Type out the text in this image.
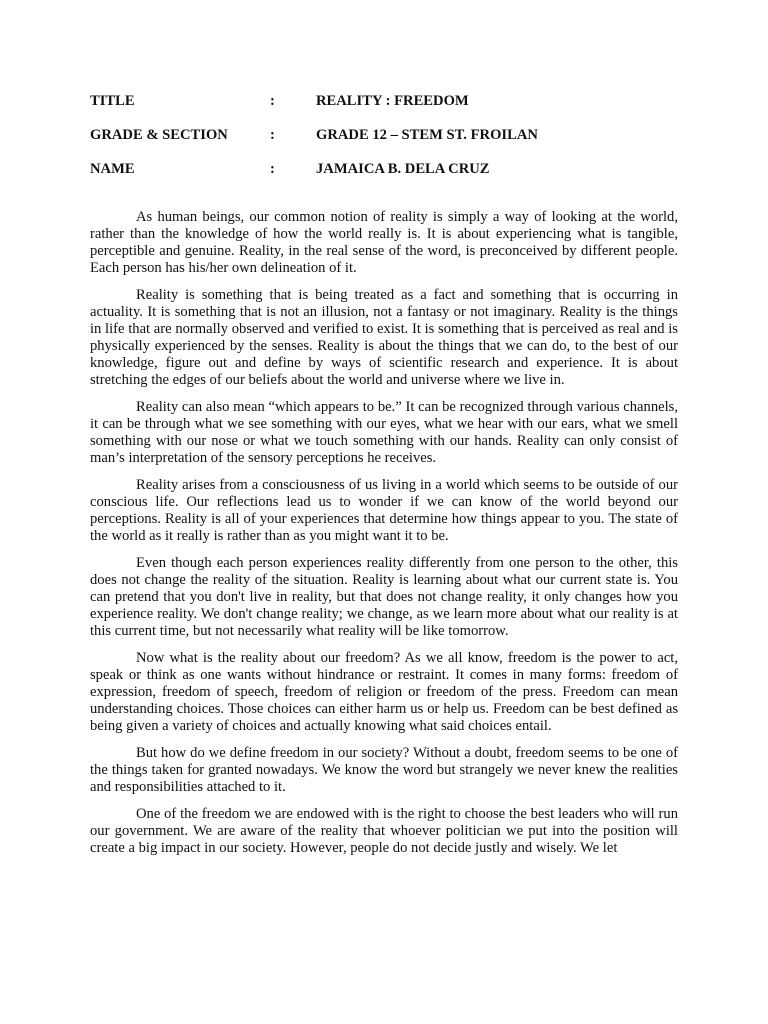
TITLE	:	REALITY : FREEDOM
GRADE & SECTION	:	GRADE 12 – STEM ST. FROILAN
NAME	:	JAMAICA B. DELA CRUZ

As human beings, our common notion of reality is simply a way of looking at the world, rather than the knowledge of how the world really is. It is about experiencing what is tangible, perceptible and genuine. Reality, in the real sense of the word, is preconceived by different people. Each person has his/her own delineation of it.

Reality is something that is being treated as a fact and something that is occurring in actuality. It is something that is not an illusion, not a fantasy or not imaginary. Reality is the things in life that are normally observed and verified to exist. It is something that is perceived as real and is physically experienced by the senses. Reality is about the things that we can do, to the best of our knowledge, figure out and define by ways of scientific research and experience. It is about stretching the edges of our beliefs about the world and universe where we live in.

Reality can also mean “which appears to be.” It can be recognized through various channels, it can be through what we see something with our eyes, what we hear with our ears, what we smell something with our nose or what we touch something with our hands. Reality can only consist of man’s interpretation of the sensory perceptions he receives.

Reality arises from a consciousness of us living in a world which seems to be outside of our conscious life. Our reflections lead us to wonder if we can know of the world beyond our perceptions. Reality is all of your experiences that determine how things appear to you. The state of the world as it really is rather than as you might want it to be.

Even though each person experiences reality differently from one person to the other, this does not change the reality of the situation. Reality is learning about what our current state is. You can pretend that you don't live in reality, but that does not change reality, it only changes how you experience reality. We don't change reality; we change, as we learn more about what our reality is at this current time, but not necessarily what reality will be like tomorrow.

Now what is the reality about our freedom? As we all know, freedom is the power to act, speak or think as one wants without hindrance or restraint. It comes in many forms: freedom of expression, freedom of speech, freedom of religion or freedom of the press. Freedom can mean understanding choices. Those choices can either harm us or help us. Freedom can be best defined as being given a variety of choices and actually knowing what said choices entail.

But how do we define freedom in our society? Without a doubt, freedom seems to be one of the things taken for granted nowadays. We know the word but strangely we never knew the realities and responsibilities attached to it.

One of the freedom we are endowed with is the right to choose the best leaders who will run our government. We are aware of the reality that whoever politician we put into the position will create a big impact in our society. However, people do not decide justly and wisely. We let
